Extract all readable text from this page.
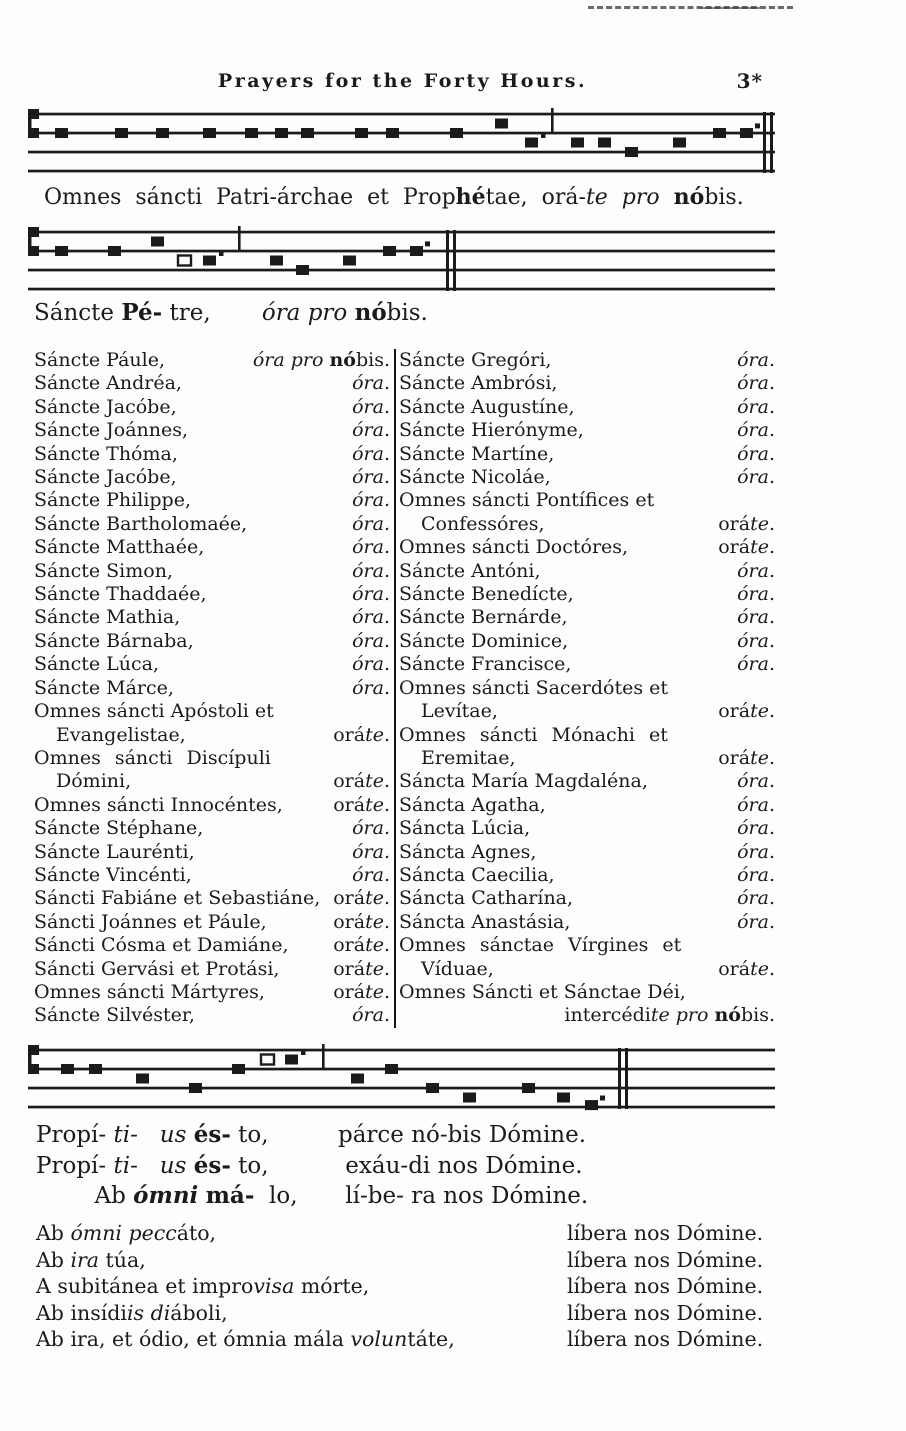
Prayers for the Forty Hours.	3*
Omnes sáncti Patri-árchae et Prophétae, orá-te pro nóbis.
Sáncte Pé- tre,       óra pro nóbis.
Sáncte Páule,	óra pro nóbis.
Sáncte Andréa,	óra.
Sáncte Jacóbe,	óra.
Sáncte Joánnes,	óra.
Sáncte Thóma,	óra.
Sáncte Jacóbe,	óra.
Sáncte Philippe,	óra.
Sáncte Bartholomaée,	óra.
Sáncte Matthaée,	óra.
Sáncte Simon,	óra.
Sáncte Thaddaée,	óra.
Sáncte Mathia,	óra.
Sáncte Bárnaba,	óra.
Sáncte Lúca,	óra.
Sáncte Márce,	óra.
Omnes sáncti Apóstoli et
Evangelistae,	oráte.
Omnes sáncti Discípuli
Dómini,	oráte.
Omnes sáncti Innocéntes,	oráte.
Sáncte Stéphane,	óra.
Sáncte Laurénti,	óra.
Sáncte Vincénti,	óra.
Sáncti Fabiáne et Sebastiáne, oráte.
Sáncti Joánnes et Páule,	oráte.
Sáncti Cósma et Damiáne, oráte.
Sáncti Gervási et Protási,	oráte.
Omnes sáncti Mártyres,	oráte.
Sáncte Silvéster,	óra.
Sáncte Gregóri,	óra.
Sáncte Ambrósi,	óra.
Sáncte Augustíne,	óra.
Sáncte Hierónyme,	óra.
Sáncte Martíne,	óra.
Sáncte Nicoláe,	óra.
Omnes sáncti Pontífices et
Confessóres,	oráte.
Omnes sáncti Doctóres,	oráte.
Sáncte Antóni,	óra.
Sáncte Benedícte,	óra.
Sáncte Bernárde,	óra.
Sáncte Dominice,	óra.
Sáncte Francisce,	óra.
Omnes sáncti Sacerdótes et
Levítae,	oráte.
Omnes sáncti Mónachi et
Eremitae,	oráte.
Sáncta María Magdaléna,	óra.
Sáncta Agatha,	óra.
Sáncta Lúcia,	óra.
Sáncta Agnes,	óra.
Sáncta Caecilia,	óra.
Sáncta Catharína,	óra.
Sáncta Anastásia,	óra.
Omnes sánctae Vírgines et
Víduae,	oráte.
Omnes Sáncti et Sánctae Déi,
intercédite pro nóbis.
Propí- ti- us és- to,	párce nó-bis Dómine.
Propí- ti- us és- to,	exáu-di nos Dómine.
Ab ómni má-  lo,	lí-be- ra nos Dómine.
Ab ómni peccáto,	líbera nos Dómine.
Ab ira túa,	líbera nos Dómine.
A subitánea et improvisa mórte,	líbera nos Dómine.
Ab insídiis diáboli,	líbera nos Dómine.
Ab ira, et ódio, et ómnia mála voluntáte,	líbera nos Dómine.
